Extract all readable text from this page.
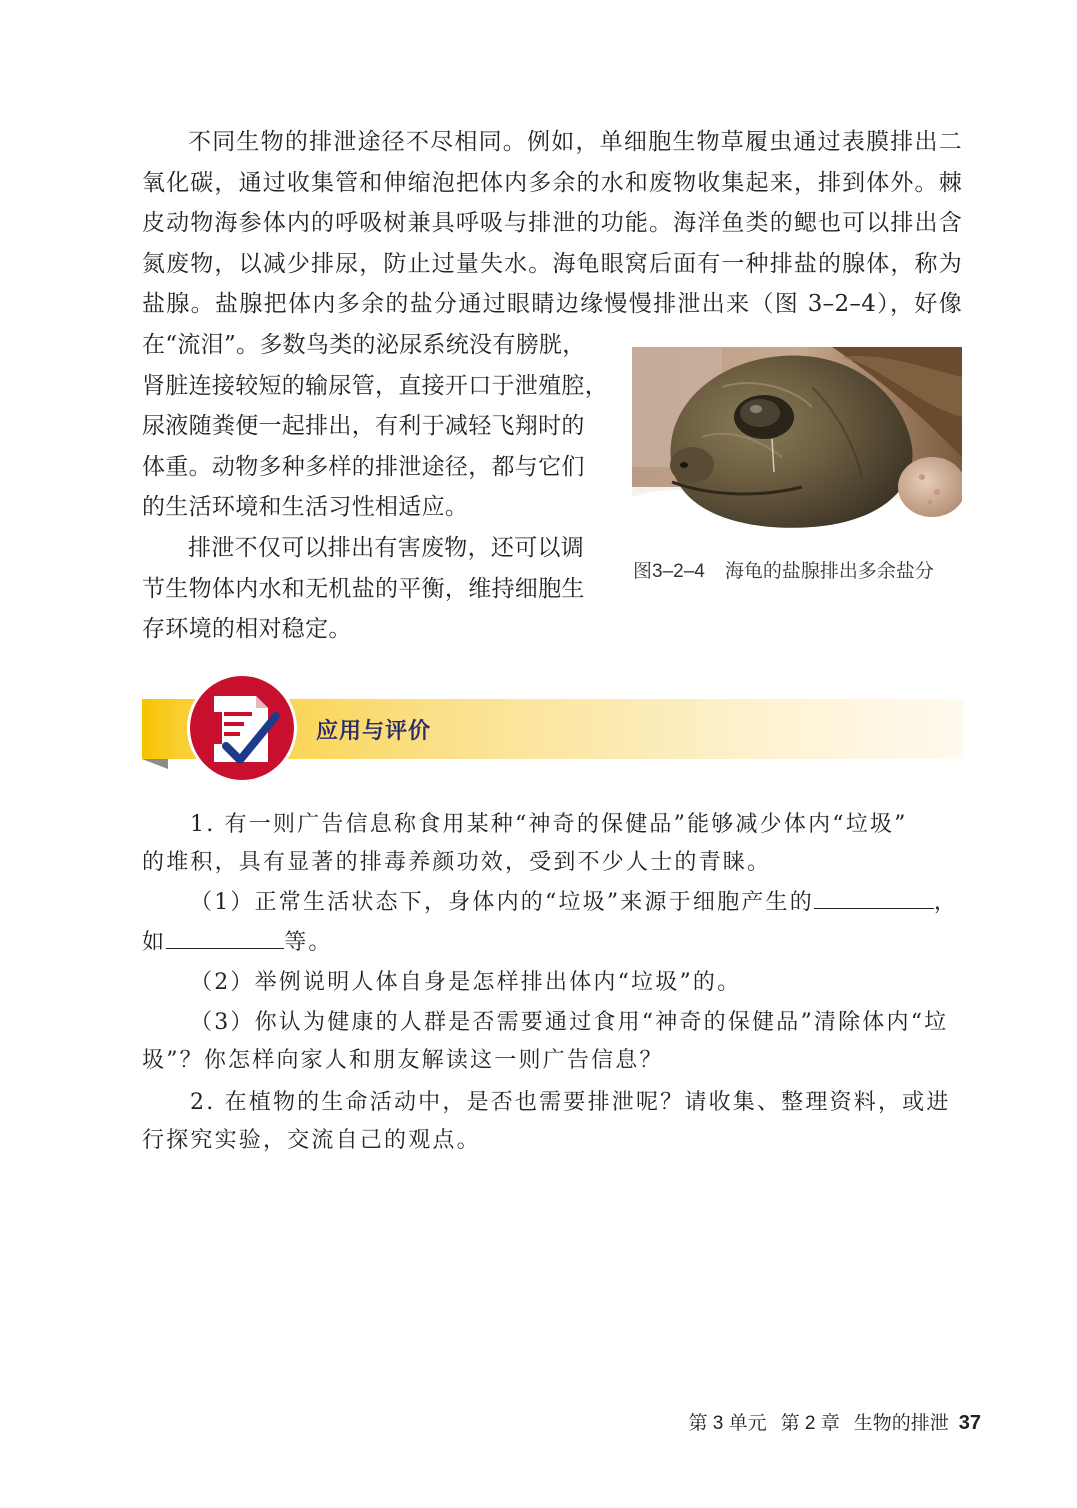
不同生物的排泄途径不尽相同。例如，单细胞生物草履虫通过表膜排出二
氧化碳，通过收集管和伸缩泡把体内多余的水和废物收集起来，排到体外。棘
皮动物海参体内的呼吸树兼具呼吸与排泄的功能。海洋鱼类的鳃也可以排出含
氮废物，以减少排尿，防止过量失水。海龟眼窝后面有一种排盐的腺体，称为
盐腺。盐腺把体内多余的盐分通过眼睛边缘慢慢排泄出来（图 3–2–4），好像
在“流泪”。多数鸟类的泌尿系统没有膀胱，
肾脏连接较短的输尿管，直接开口于泄殖腔，
尿液随粪便一起排出，有利于减轻飞翔时的
体重。动物多种多样的排泄途径，都与它们
的生活环境和生活习性相适应。
排泄不仅可以排出有害废物，还可以调
节生物体内水和无机盐的平衡，维持细胞生
存环境的相对稳定。
图3–2–4 海龟的盐腺排出多余盐分
应用与评价
1. 有一则广告信息称食用某种“神奇的保健品”能够减少体内“垃圾”
的堆积，具有显著的排毒养颜功效，受到不少人士的青睐。
（1）正常生活状态下，身体内的“垃圾”来源于细胞产生的	，
如	等。
（2）举例说明人体自身是怎样排出体内“垃圾”的。
（3）你认为健康的人群是否需要通过食用“神奇的保健品”清除体内“垃
圾”？你怎样向家人和朋友解读这一则广告信息？
2. 在植物的生命活动中，是否也需要排泄呢？请收集、整理资料，或进
行探究实验，交流自己的观点。
第 3 单元 第 2 章 生物的排泄 37
